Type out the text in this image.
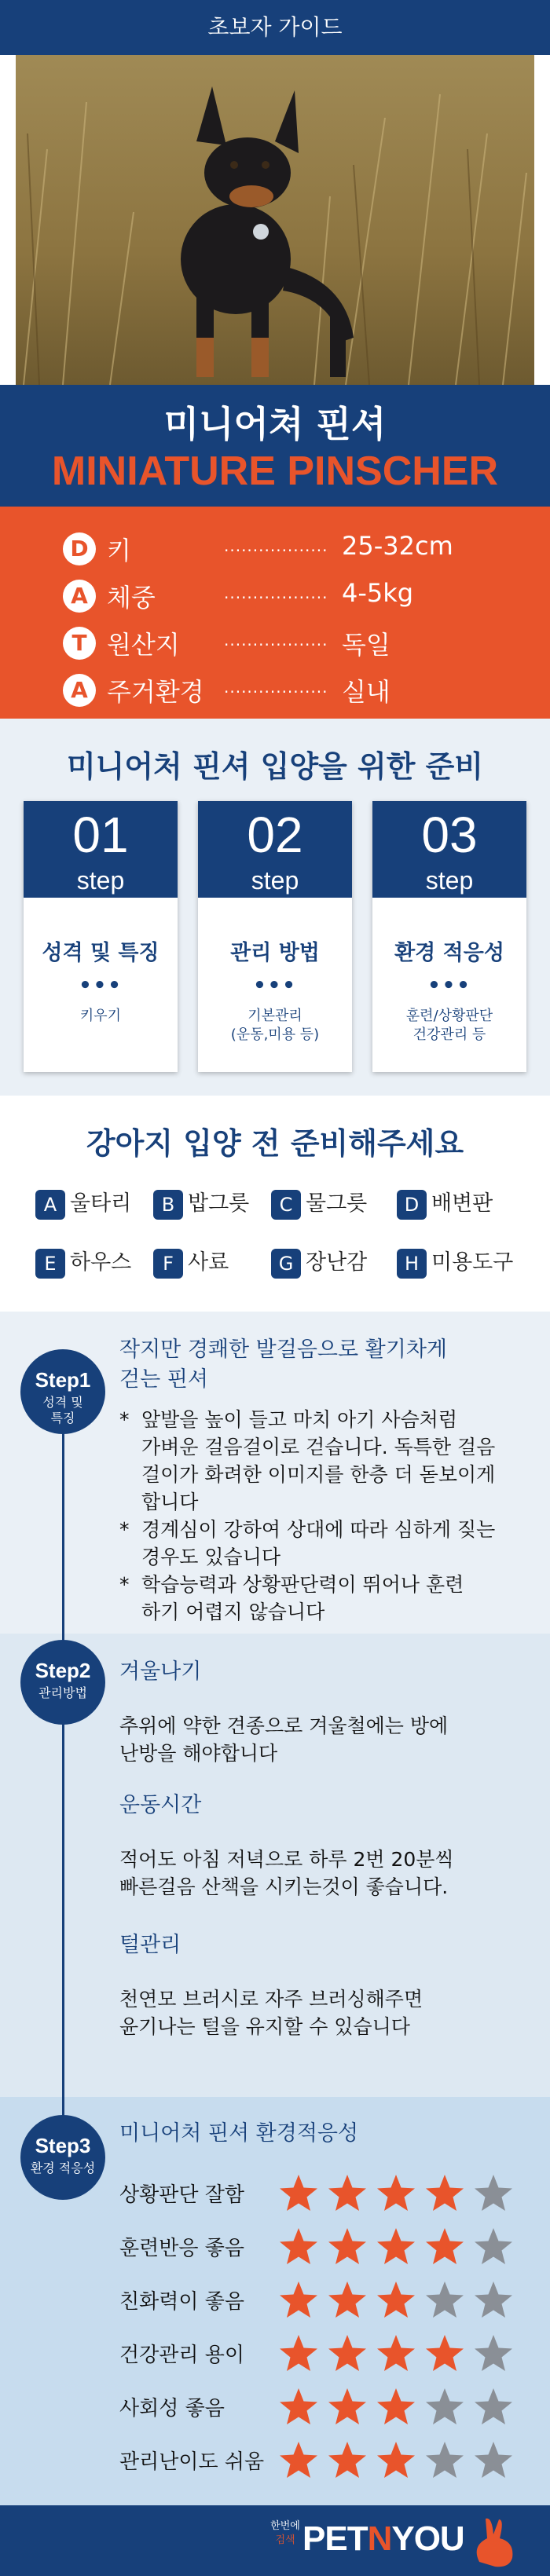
초보자 가이드
미니어쳐 핀셔
MINIATURE PINSCHER
D 키	.................. 25-32cm
A 체중	.................. 4-5kg
T 원산지	.................. 독일
A 주거환경 .................. 실내
미니어처 핀셔 입양을 위한 준비
01
step
성격 및 특징
•••
키우기
02
step
관리 방법
•••
기본관리
(운동,미용 등)
03
step
환경 적응성
•••
훈련/상황판단
건강관리 등
강아지 입양 전 준비해주세요
A 울타리	B 밥그릇	C 물그릇	D 배변판
E 하우스	F 사료	G 장난감	H 미용도구
작지만 경쾌한 발걸음으로 활기차게
걷는 핀셔
* 앞발을 높이 들고 마치 아기 사슴처럼
가벼운 걸음걸이로 걷습니다. 독특한 걸음
걸이가 화려한 이미지를 한층 더 돋보이게
합니다
* 경계심이 강하여 상대에 따라 심하게 짖는
경우도 있습니다
* 학습능력과 상황판단력이 뛰어나 훈련
하기 어렵지 않습니다
겨울나기
추위에 약한 견종으로 겨울철에는 방에
난방을 해야합니다
운동시간
적어도 아침 저녁으로 하루 2번 20분씩
빠른걸음 산책을 시키는것이 좋습니다.
털관리
천연모 브러시로 자주 브러싱해주면
윤기나는 털을 유지할 수 있습니다
미니어처 핀셔 환경적응성
상황판단 잘함
훈련반응 좋음
친화력이 좋음
건강관리 용이
사회성 좋음
관리난이도 쉬움
Step1
성격 및
특징
Step2
관리방법
Step3
환경 적응성
한번에
검색 PETNYOU
